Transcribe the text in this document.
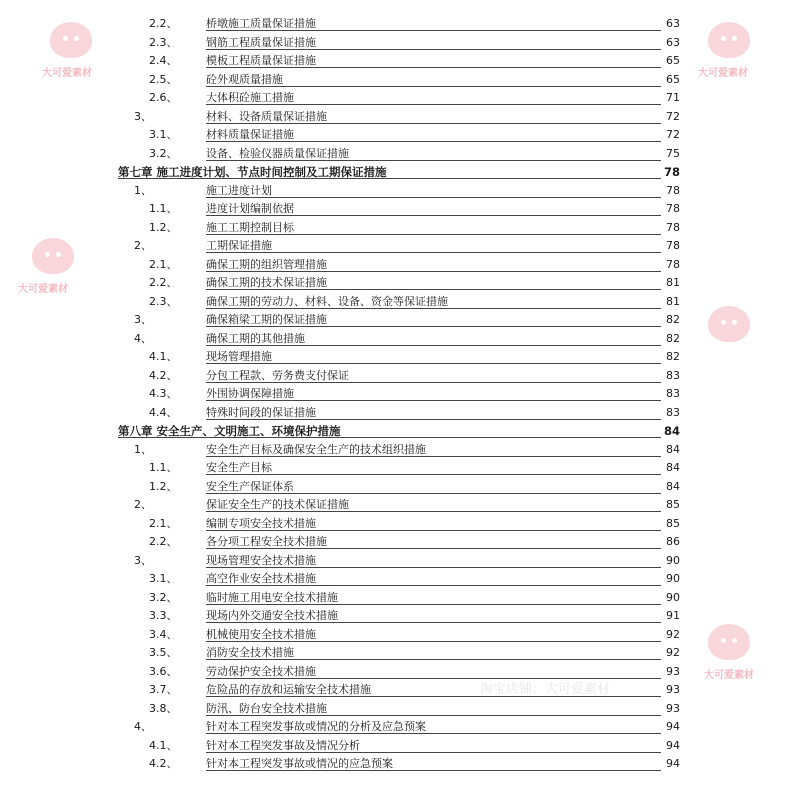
2.2、	桥墩施工质量保证措施	63
2.3、	钢筋工程质量保证措施	63
2.4、	模板工程质量保证措施	65
2.5、	砼外观质量措施	65
2.6、	大体积砼施工措施	71
3、	材料、设备质量保证措施	72
3.1、	材料质量保证措施	72
3.2、	设备、检验仪器质量保证措施	75
第七章 施工进度计划、节点时间控制及工期保证措施	78
1、	施工进度计划	78
1.1、	进度计划编制依据	78
1.2、	施工工期控制目标	78
2、	工期保证措施	78
2.1、	确保工期的组织管理措施	78
2.2、	确保工期的技术保证措施	81
2.3、	确保工期的劳动力、材料、设备、资金等保证措施	81
3、	确保箱梁工期的保证措施	82
4、	确保工期的其他措施	82
4.1、	现场管理措施	82
4.2、	分包工程款、劳务费支付保证	83
4.3、	外围协调保障措施	83
4.4、	特殊时间段的保证措施	83
第八章 安全生产、文明施工、环境保护措施	84
1、	安全生产目标及确保安全生产的技术组织措施	84
1.1、	安全生产目标	84
1.2、	安全生产保证体系	84
2、	保证安全生产的技术保证措施	85
2.1、	编制专项安全技术措施	85
2.2、	各分项工程安全技术措施	86
3、	现场管理安全技术措施	90
3.1、	高空作业安全技术措施	90
3.2、	临时施工用电安全技术措施	90
3.3、	现场内外交通安全技术措施	91
3.4、	机械使用安全技术措施	92
3.5、	消防安全技术措施	92
3.6、	劳动保护安全技术措施	93
3.7、	危险品的存放和运输安全技术措施	93
3.8、	防汛、防台安全技术措施	93
4、	针对本工程突发事故或情况的分析及应急预案	94
4.1、	针对本工程突发事故及情况分析	94
4.2、	针对本工程突发事故或情况的应急预案	94
大可爱素材	大可爱素材
大可爱素材
大可爱素材
淘宝店铺：大可爱素材
